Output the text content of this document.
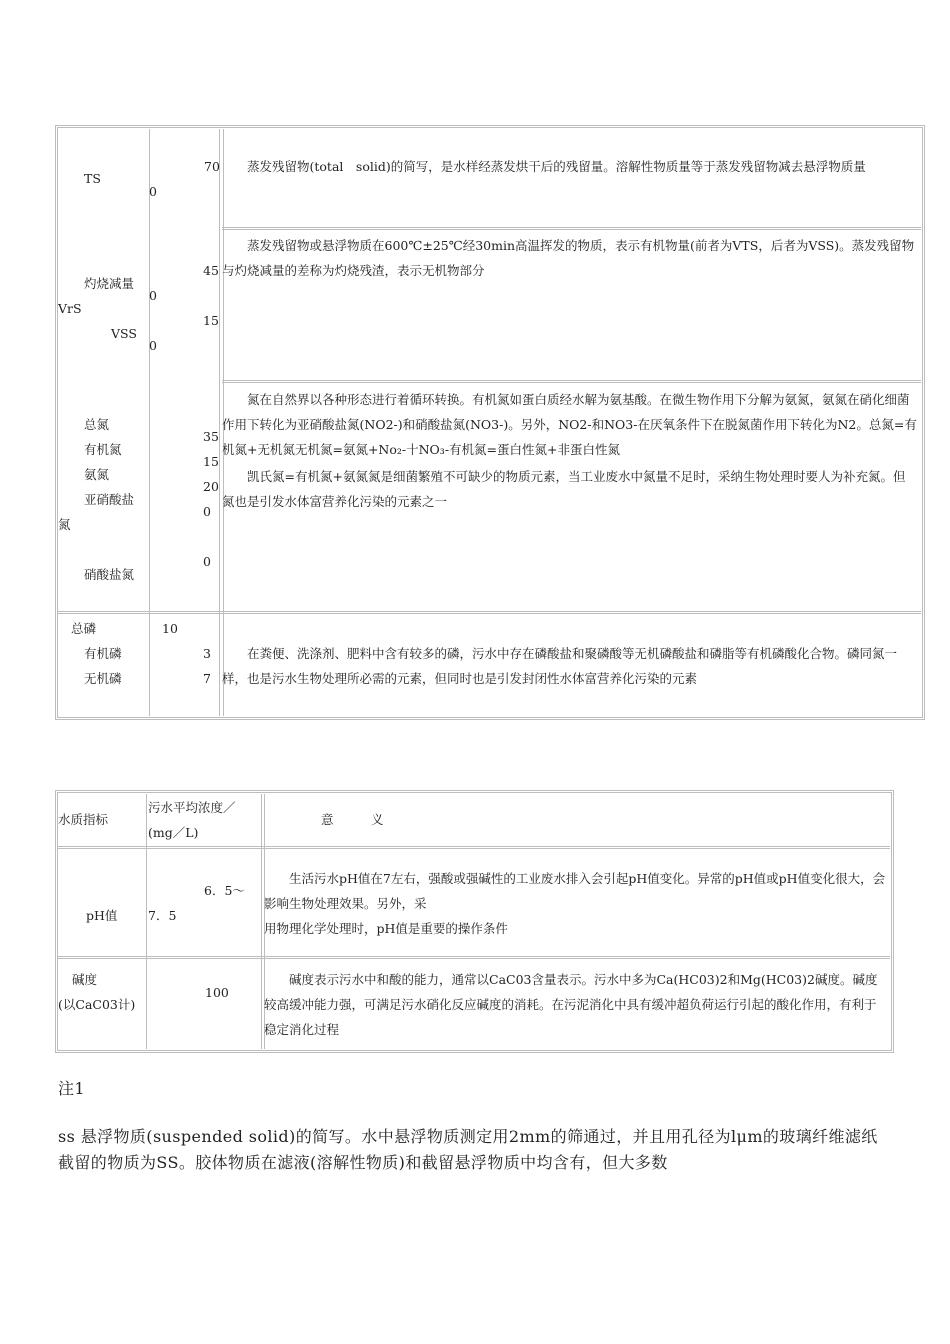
TS
70
0
蒸发残留物(total　solid)的简写，是水样经蒸发烘干后的残留量。溶解性物质量等于蒸发残留物减去悬浮物质量
灼烧减量
VrS
VSS
45
0
15
0
蒸发残留物或悬浮物质在600℃±25℃经30min高温挥发的物质，表示有机物量(前者为VTS，后者为VSS)。蒸发残留物与灼烧减量的差称为灼烧残渣，表示无机物部分
总氮
有机氮
氨氮
亚硝酸盐
氮
硝酸盐氮
35
15
20
0
0
氮在自然界以各种形态进行着循环转换。有机氮如蛋白质经水解为氨基酸。在微生物作用下分解为氨氮，氨氮在硝化细菌作用下转化为亚硝酸盐氮(NO2-)和硝酸盐氮(NO3-)。另外，NO2-和NO3-在厌氧条件下在脱氮菌作用下转化为N2。总氮=有机氮+无机氮无机氮=氨氮+No₂-十NO₃-有机氮=蛋白性氮+非蛋白性氮
凯氏氮=有机氮+氨氮氮是细菌繁殖不可缺少的物质元素，当工业废水中氮量不足时，采纳生物处理时要人为补充氮。但氮也是引发水体富营养化污染的元素之一
总磷
有机磷
无机磷
10
3
7
在粪便、洗涤剂、肥料中含有较多的磷，污水中存在磷酸盐和聚磷酸等无机磷酸盐和磷脂等有机磷酸化合物。磷同氮一样，也是污水生物处理所必需的元素，但同时也是引发封闭性水体富营养化污染的元素
水质指标
污水平均浓度／
(mg／L)
意　　　义
pH值
6．5～
7．5
生活污水pH值在7左右，强酸或强碱性的工业废水排入会引起pH值变化。异常的pH值或pH值变化很大，会影响生物处理效果。另外，采
用物理化学处理时，pH值是重要的操作条件
碱度
(以CaC03计)
100
碱度表示污水中和酸的能力，通常以CaC03含量表示。污水中多为Ca(HC03)2和Mg(HC03)2碱度。碱度较高缓冲能力强，可满足污水硝化反应碱度的消耗。在污泥消化中具有缓冲超负荷运行引起的酸化作用，有利于稳定消化过程
注1
ss 悬浮物质(suspended solid)的简写。水中悬浮物质测定用2mm的筛通过，并且用孔径为lμm的玻璃纤维滤纸截留的物质为SS。胶体物质在滤液(溶解性物质)和截留悬浮物质中均含有，但大多数
